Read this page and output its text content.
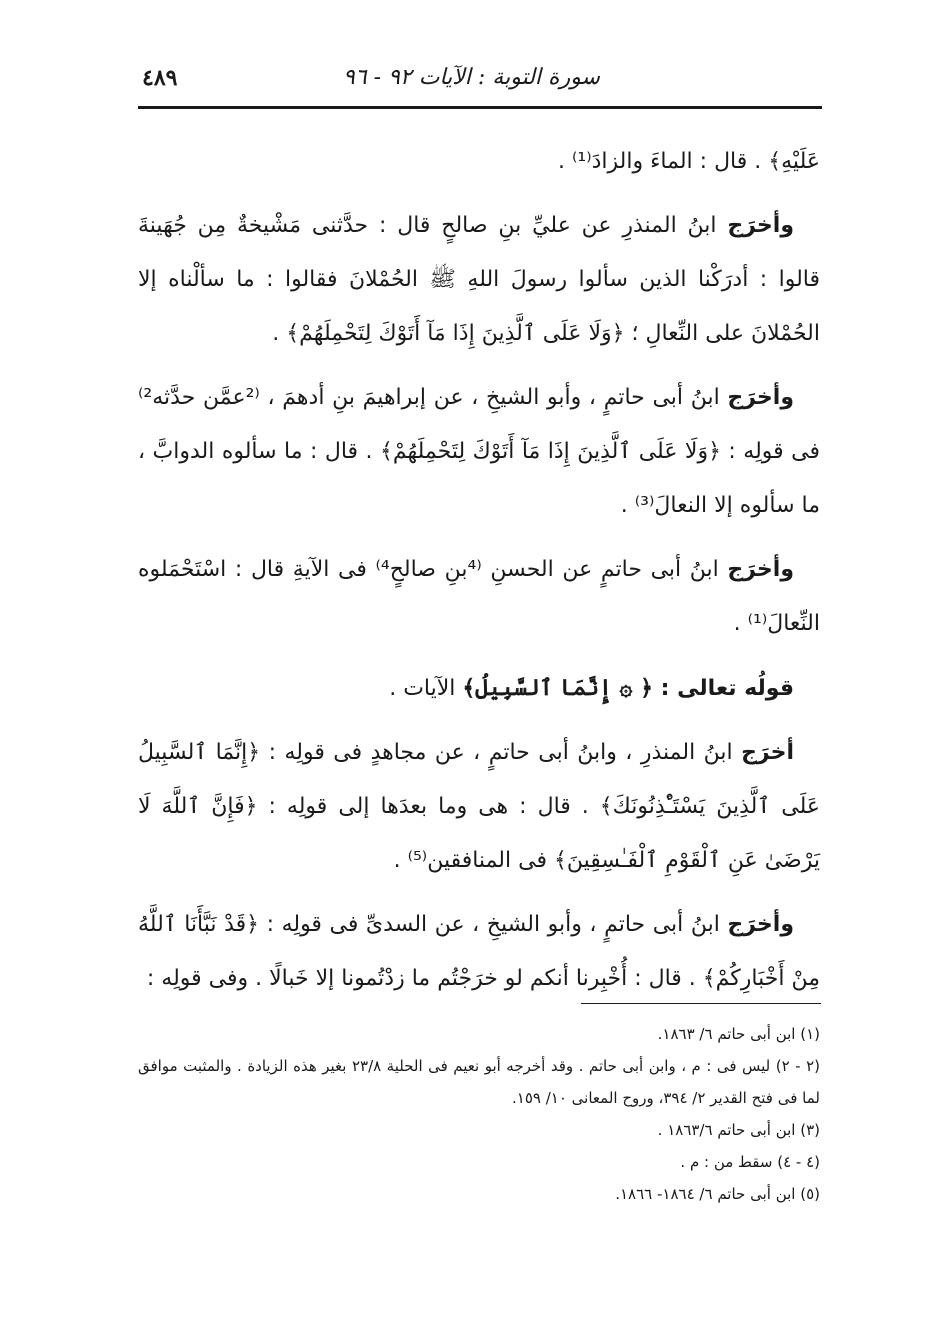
سورة التوبة : الآيات ٩٢ - ٩٦
٤٨٩

عَلَيْهِ﴾ . قال : الماءَ والزادَ⁽¹⁾ .

وأخرَج ابنُ المنذرِ عن عليِّ بنِ صالحٍ قال : حدَّثنى مَشْيخةٌ مِن جُهَينةَ قالوا : أدرَكْنا الذين سألوا رسولَ اللهِ ﷺ الحُمْلانَ فقالوا : ما سألْناه إلا الحُمْلانَ على النِّعالِ ؛ ﴿وَلَا عَلَى ٱلَّذِينَ إِذَا مَآ أَتَوْكَ لِتَحْمِلَهُمْ﴾ .

وأخرَج ابنُ أبى حاتمٍ ، وأبو الشيخِ ، عن إبراهيمَ بنِ أدهمَ ، ⁽²عمَّن حدَّثه²⁾ فى قولِه : ﴿وَلَا عَلَى ٱلَّذِينَ إِذَا مَآ أَتَوْكَ لِتَحْمِلَهُمْ﴾ . قال : ما سألوه الدوابَّ ، ما سألوه إلا النعالَ⁽³⁾ .

وأخرَج ابنُ أبى حاتمٍ عن الحسنِ ⁽⁴بنِ صالحٍ⁴⁾ فى الآيةِ قال : اسْتَحْمَلوه النِّعالَ⁽¹⁾ .

قولُه تعالى : ﴿ ۞ إِنَّمَا ٱلسَّبِيلُ﴾ الآيات .

أخرَج ابنُ المنذرِ ، وابنُ أبى حاتمٍ ، عن مجاهدٍ فى قولِه : ﴿إِنَّمَا ٱلسَّبِيلُ عَلَى ٱلَّذِينَ يَسْتَـْٔذِنُونَكَ﴾ . قال : هى وما بعدَها إلى قولِه : ﴿فَإِنَّ ٱللَّهَ لَا يَرْضَىٰ عَنِ ٱلْقَوْمِ ٱلْفَـٰسِقِينَ﴾ فى المنافقين⁽⁵⁾ .

وأخرَج ابنُ أبى حاتمٍ ، وأبو الشيخِ ، عن السدىِّ فى قولِه : ﴿قَدْ نَبَّأَنَا ٱللَّهُ مِنْ أَخْبَارِكُمْ﴾ . قال : أُخْبِرنا أنكم لو خرَجْتُم ما زدْتُمونا إلا خَبالًا . وفى قولِه :

(١) ابن أبى حاتم ٦/ ١٨٦٣.

(٢ - ٢) ليس فى : م ، وابن أبى حاتم . وقد أخرجه أبو نعيم فى الحلية ٢٣/٨ بغير هذه الزيادة . والمثبت موافق لما فى فتح القدير ٢/ ٣٩٤، وروح المعانى ١٠/ ١٥٩.

(٣) ابن أبى حاتم ١٨٦٣/٦ .

(٤ - ٤) سقط من : م .

(٥) ابن أبى حاتم ٦/ ١٨٦٤- ١٨٦٦.
